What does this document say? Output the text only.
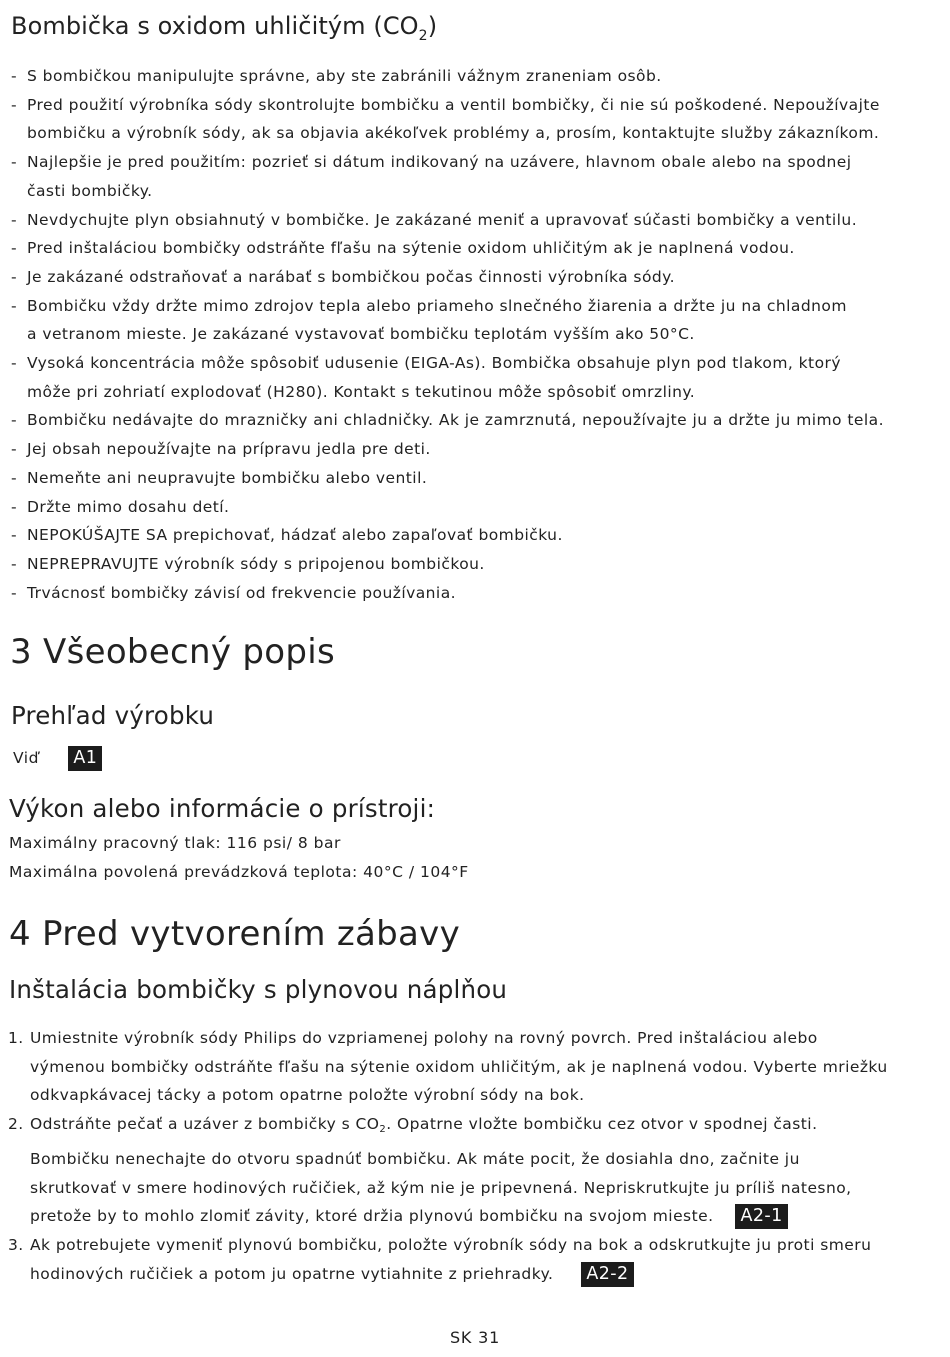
Bombička s oxidom uhličitým $(CO_2)$
- S bombičkou manipulujte správne, aby ste zabránili vážnym zraneniam osôb.
- Pred použití výrobníka sódy skontrolujte bombičku a ventil bombičky, či nie sú poškodené. Nepoužívajte
bombičku a výrobník sódy, ak sa objavia akékoľvek problémy a, prosím, kontaktujte služby zákazníkom.
- Najlepšie je pred použitím: pozrieť si dátum indikovaný na uzávere, hlavnom obale alebo na spodnej
časti bombičky.
- Nevdychujte plyn obsiahnutý v bombičke. Je zakázané meniť a upravovať súčasti bombičky a ventilu.
- Pred inštaláciou bombičky odstráňte fľašu na sýtenie oxidom uhličitým ak je naplnená vodou.
- Je zakázané odstraňovať a narábať s bombičkou počas činnosti výrobníka sódy.
- Bombičku vždy držte mimo zdrojov tepla alebo priameho slnečného žiarenia a držte ju na chladnom
a vetranom mieste. Je zakázané vystavovať bombičku teplotám vyšším ako 50°C.
- Vysoká koncentrácia môže spôsobiť udusenie (EIGA-As). Bombička obsahuje plyn pod tlakom, ktorý
môže pri zohriatí explodovať (H280). Kontakt s tekutinou môže spôsobiť omrzliny.
- Bombičku nedávajte do mrazničky ani chladničky. Ak je zamrznutá, nepoužívajte ju a držte ju mimo tela.
- Jej obsah nepoužívajte na prípravu jedla pre deti.
- Nemeňte ani neupravujte bombičku alebo ventil.
- Držte mimo dosahu detí.
- NEPOKÚŠAJTE SA prepichovať, hádzať alebo zapaľovať bombičku.
- NEPREPRAVUJTE výrobník sódy s pripojenou bombičkou.
- Trvácnosť bombičky závisí od frekvencie používania.
3 Všeobecný popis
Prehľad výrobku
Viď A1
Výkon alebo informácie o prístroji:
Maximálny pracovný tlak: 116 psi/ 8 bar
Maximálna povolená prevádzková teplota: 40°C / 104°F
4 Pred vytvorením zábavy
Inštalácia bombičky s plynovou náplňou
1. Umiestnite výrobník sódy Philips do vzpriamenej polohy na rovný povrch. Pred inštaláciou alebo
výmenou bombičky odstráňte fľašu na sýtenie oxidom uhličitým, ak je naplnená vodou. Vyberte mriežku
odkvapkávacej tácky a potom opatrne položte výrobní sódy na bok.
2. Odstráňte pečať a uzáver z bombičky s $CO_2$. Opatrne vložte bombičku cez otvor v spodnej časti.
Bombičku nenechajte do otvoru spadnúť bombičku. Ak máte pocit, že dosiahla dno, začnite ju
skrutkovať v smere hodinových ručičiek, až kým nie je pripevnená. Nepriskrutkujte ju príliš natesno,
pretože by to mohlo zlomiť závity, ktoré držia plynovú bombičku na svojom mieste. A2-1
3. Ak potrebujete vymeniť plynovú bombičku, položte výrobník sódy na bok a odskrutkujte ju proti smeru
hodinových ručičiek a potom ju opatrne vytiahnite z priehradky. A2-2
SK 31
